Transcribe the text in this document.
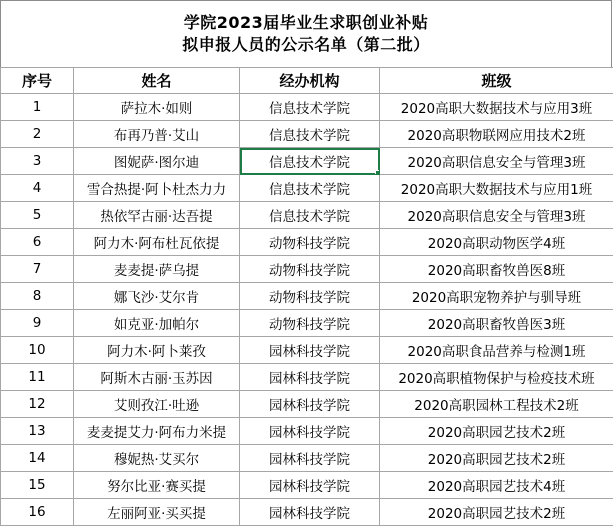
学院2023届毕业生求职创业补贴
拟申报人员的公示名单（第二批）
序号	姓名	经办机构	班级
1	萨拉木·如则	信息技术学院	2020高职大数据技术与应用3班
2	布再乃普·艾山	信息技术学院	2020高职物联网应用技术2班
3	图妮萨·图尔迪	信息技术学院	2020高职信息安全与管理3班
4	雪合热提·阿卜杜杰力力	信息技术学院	2020高职大数据技术与应用1班
5	热依罕古丽·达吾提	信息技术学院	2020高职信息安全与管理3班
6	阿力木·阿布杜瓦依提	动物科技学院	2020高职动物医学4班
7	麦麦提·萨乌提	动物科技学院	2020高职畜牧兽医8班
8	娜飞沙·艾尔肯	动物科技学院	2020高职宠物养护与驯导班
9	如克亚·加帕尔	动物科技学院	2020高职畜牧兽医3班
10	阿力木·阿卜莱孜	园林科技学院	2020高职食品营养与检测1班
11	阿斯木古丽·玉苏因	园林科技学院	2020高职植物保护与检疫技术班
12	艾则孜江·吐逊	园林科技学院	2020高职园林工程技术2班
13	麦麦提艾力·阿布力米提	园林科技学院	2020高职园艺技术2班
14	穆妮热·艾买尔	园林科技学院	2020高职园艺技术2班
15	努尔比亚·赛买提	园林科技学院	2020高职园艺技术4班
16	左丽阿亚·买买提	园林科技学院	2020高职园艺技术2班
